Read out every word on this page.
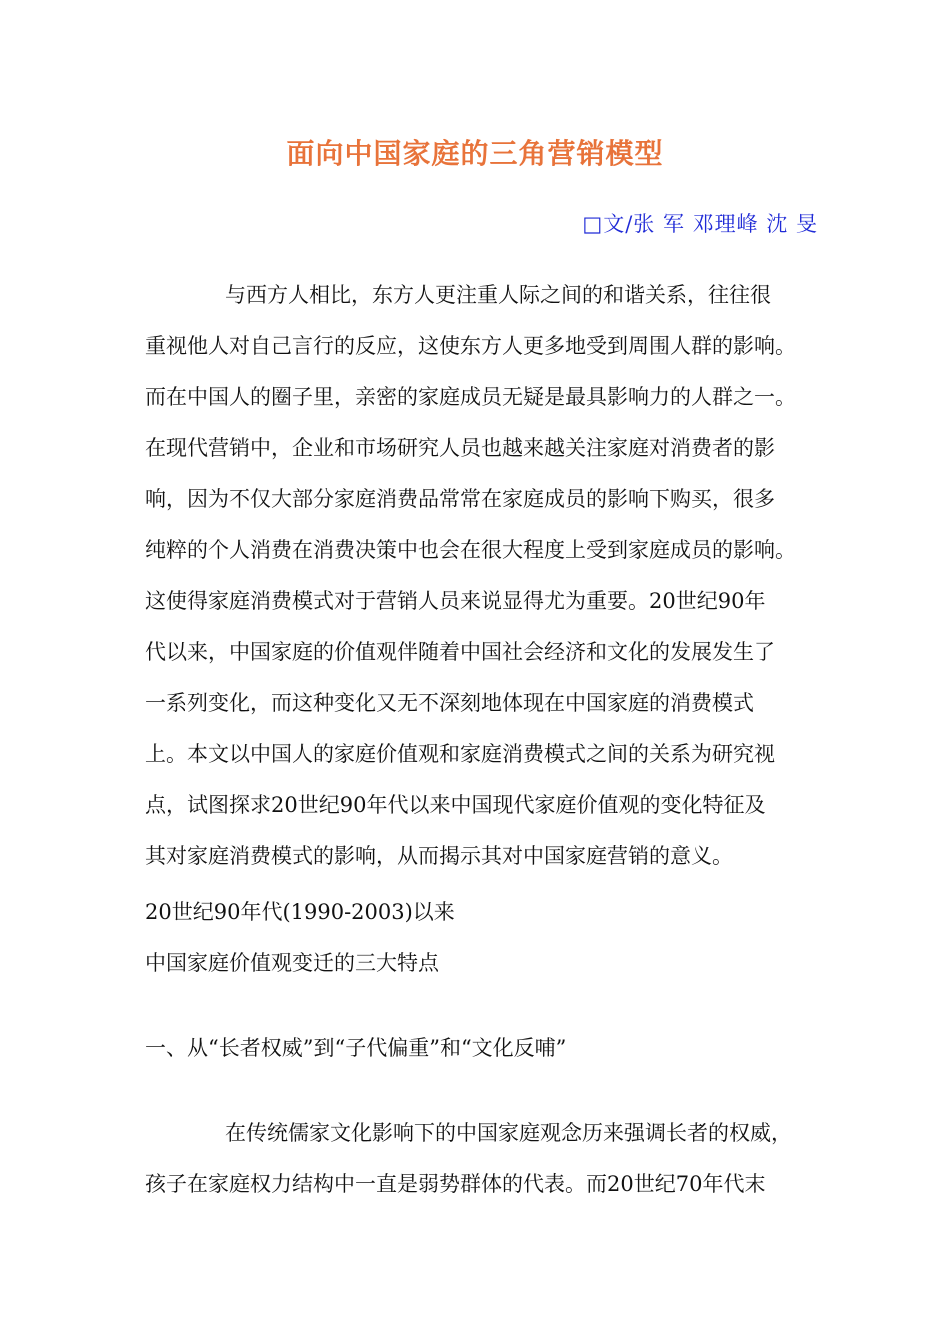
面向中国家庭的三角营销模型
□文/张 军 邓理峰 沈 旻
与西方人相比，东方人更注重人际之间的和谐关系，往往很
重视他人对自己言行的反应，这使东方人更多地受到周围人群的影响。
而在中国人的圈子里，亲密的家庭成员无疑是最具影响力的人群之一。
在现代营销中，企业和市场研究人员也越来越关注家庭对消费者的影
响，因为不仅大部分家庭消费品常常在家庭成员的影响下购买，很多
纯粹的个人消费在消费决策中也会在很大程度上受到家庭成员的影响。
这使得家庭消费模式对于营销人员来说显得尤为重要。20世纪90年
代以来，中国家庭的价值观伴随着中国社会经济和文化的发展发生了
一系列变化，而这种变化又无不深刻地体现在中国家庭的消费模式
上。本文以中国人的家庭价值观和家庭消费模式之间的关系为研究视
点，试图探求20世纪90年代以来中国现代家庭价值观的变化特征及
其对家庭消费模式的影响，从而揭示其对中国家庭营销的意义。
20世纪90年代(1990-2003)以来
中国家庭价值观变迁的三大特点
一、从“长者权威”到“子代偏重”和“文化反哺”
在传统儒家文化影响下的中国家庭观念历来强调长者的权威，
孩子在家庭权力结构中一直是弱势群体的代表。而20世纪70年代末
